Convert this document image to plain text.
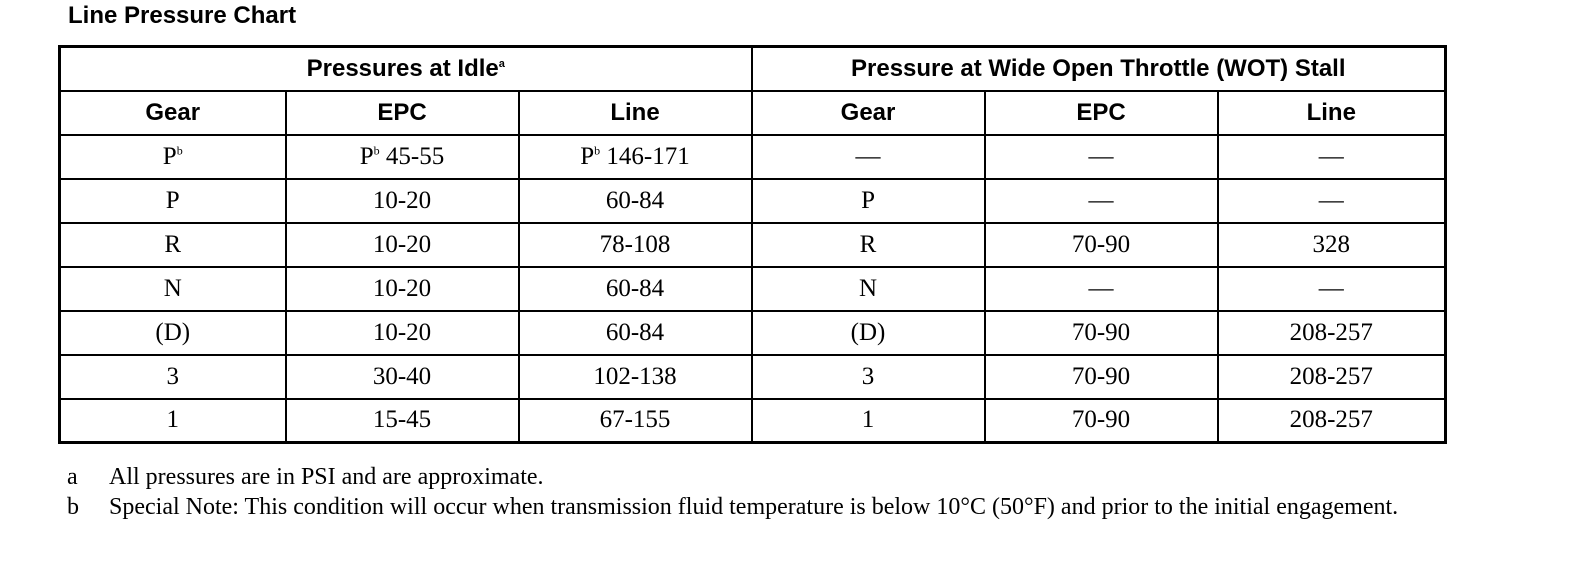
Line Pressure Chart
Pressures at Idle$^a$			Pressure at Wide Open Throttle (WOT) Stall		
Gear	EPC	Line	Gear	EPC	Line
$P^b$	$P^b$ 45-55	$P^b$ 146-171	—	—	—
P	10-20	60-84	P	—	—
R	10-20	78-108	R	70-90	328
N	10-20	60-84	N	—	—
(D)	10-20	60-84	(D)	70-90	208-257
3	30-40	102-138	3	70-90	208-257
1	15-45	67-155	1	70-90	208-257
a	All pressures are in PSI and are approximate.
b	Special Note: This condition will occur when transmission fluid temperature is below 10°C (50°F) and prior to the initial engagement.
